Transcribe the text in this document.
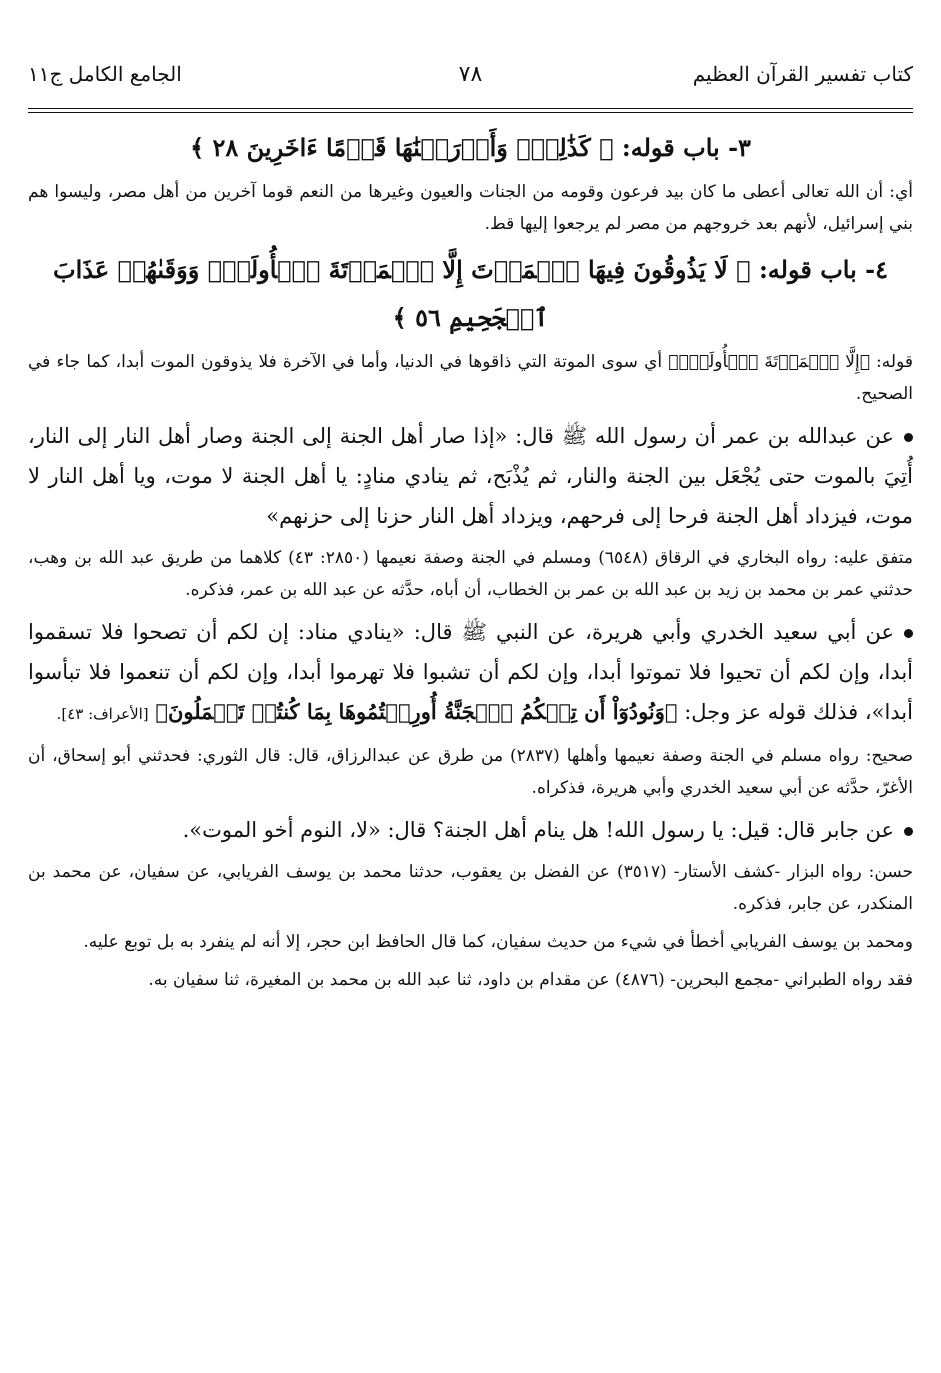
كتاب تفسير القرآن العظيم
٧٨
الجامع الكامل ج١١

٣- باب قوله: ﴿ كَذَٰلِكَۖ وَأَوۡرَثۡنَٰهَا قَوۡمًا ءَاخَرِينَ ٢٨ ﴾

أي: أن الله تعالى أعطى ما كان بيد فرعون وقومه من الجنات والعيون وغيرها من النعم قوما آخرين من أهل مصر، وليسوا هم بني إسرائيل، لأنهم بعد خروجهم من مصر لم يرجعوا إليها قط.

٤- باب قوله: ﴿ لَا يَذُوقُونَ فِيهَا ٱلۡمَوۡتَ إِلَّا ٱلۡمَوۡتَةَ ٱلۡأُولَىٰۖ وَوَقَىٰهُمۡ عَذَابَ

ٱلۡجَحِيمِ ٥٦ ﴾

قوله: ﴿إِلَّا ٱلۡمَوۡتَةَ ٱلۡأُولَىٰۖ﴾ أي سوى الموتة التي ذاقوها في الدنيا، وأما في الآخرة فلا يذوقون الموت أبدا، كما جاء في الصحيح.

عن عبدالله بن عمر أن رسول الله ﷺ قال: «إذا صار أهل الجنة إلى الجنة وصار أهل النار إلى النار، أُتِيَ بالموت حتى يُجْعَل بين الجنة والنار، ثم يُذْبَح، ثم ينادي منادٍ: يا أهل الجنة لا موت، ويا أهل النار لا موت، فيزداد أهل الجنة فرحا إلى فرحهم، ويزداد أهل النار حزنا إلى حزنهم»

متفق عليه: رواه البخاري في الرقاق (٦٥٤٨) ومسلم في الجنة وصفة نعيمها (٢٨٥٠: ٤٣) كلاهما من طريق عبد الله بن وهب، حدثني عمر بن محمد بن زيد بن عبد الله بن عمر بن الخطاب، أن أباه، حدَّثه عن عبد الله بن عمر، فذكره.

عن أبي سعيد الخدري وأبي هريرة، عن النبي ﷺ قال: «ينادي مناد: إن لكم أن تصحوا فلا تسقموا أبدا، وإن لكم أن تحيوا فلا تموتوا أبدا، وإن لكم أن تشبوا فلا تهرموا أبدا، وإن لكم أن تنعموا فلا تبأسوا أبدا»، فذلك قوله عز وجل: ﴿وَنُودُوٓاْ أَن تِلۡكُمُ ٱلۡجَنَّةُ أُورِثۡتُمُوهَا بِمَا كُنتُمۡ تَعۡمَلُونَ﴾ [الأعراف: ٤٣].

صحيح: رواه مسلم في الجنة وصفة نعيمها وأهلها (٢٨٣٧) من طرق عن عبدالرزاق، قال: قال الثوري: فحدثني أبو إسحاق، أن الأغرّ، حدَّثه عن أبي سعيد الخدري وأبي هريرة، فذكراه.

عن جابر قال: قيل: يا رسول الله! هل ينام أهل الجنة؟ قال: «لا، النوم أخو الموت».

حسن: رواه البزار -كشف الأستار- (٣٥١٧) عن الفضل بن يعقوب، حدثنا محمد بن يوسف الفريابي، عن سفيان، عن محمد بن المنكدر، عن جابر، فذكره.

ومحمد بن يوسف الفريابي أخطأ في شيء من حديث سفيان، كما قال الحافظ ابن حجر، إلا أنه لم ينفرد به بل توبع عليه.

فقد رواه الطبراني -مجمع البحرين- (٤٨٧٦) عن مقدام بن داود، ثنا عبد الله بن محمد بن المغيرة، ثنا سفيان به.
